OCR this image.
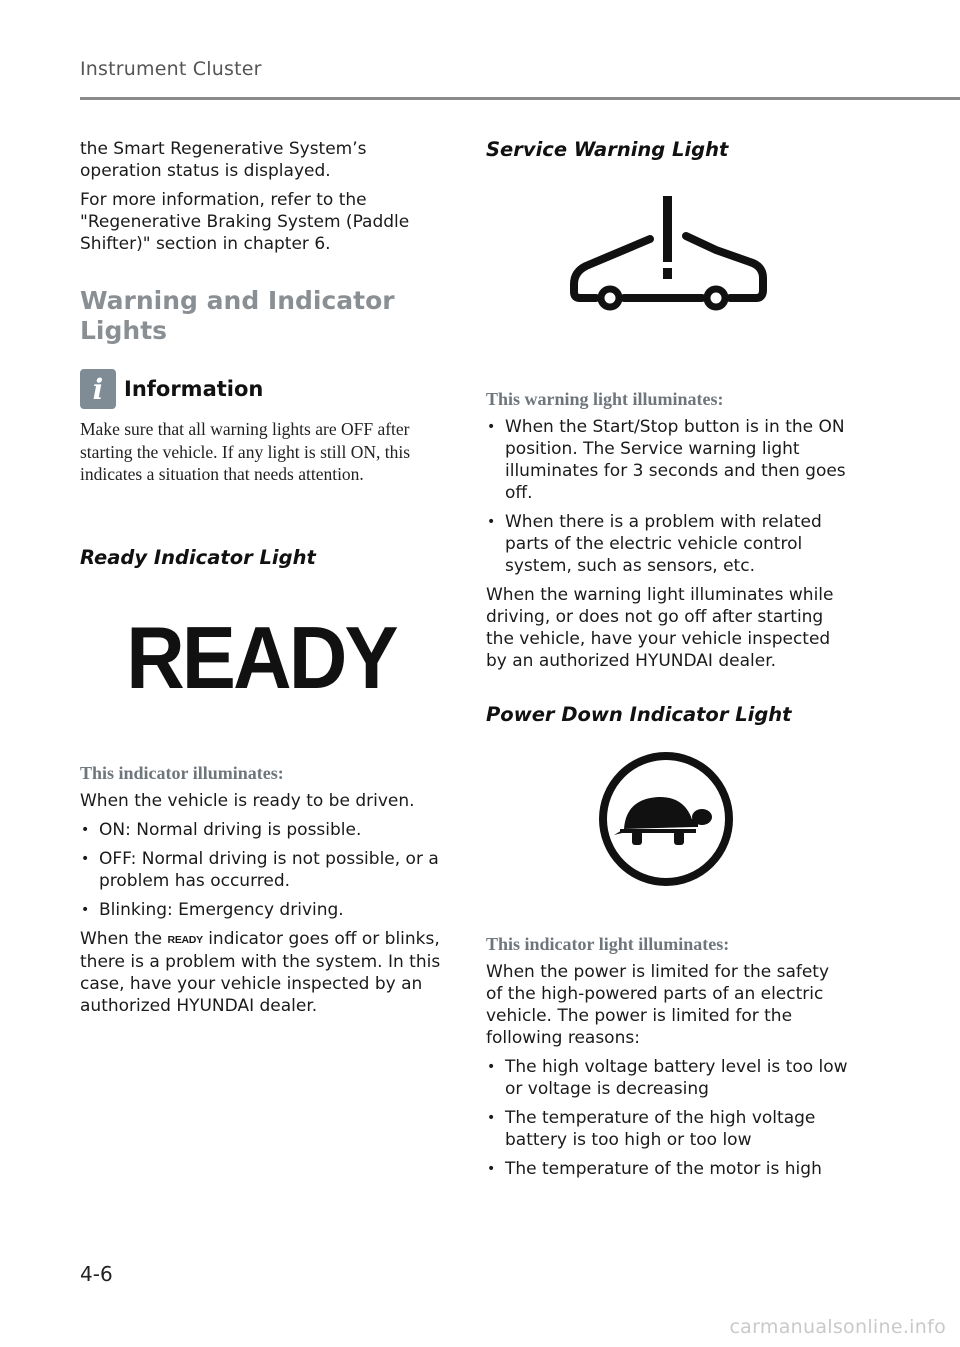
Instrument Cluster

the Smart Regenerative System’s operation status is displayed.

For more information, refer to the "Regenerative Braking System (Paddle Shifter)" section in chapter 6.

Warning and Indicator Lights
i Information

Make sure that all warning lights are OFF after starting the vehicle. If any light is still ON, this indicates a situation that needs attention.

Ready Indicator Light
READY

This indicator illuminates:

When the vehicle is ready to be driven.

• ON: Normal driving is possible.
• OFF: Normal driving is not possible, or a problem has occurred.
• Blinking: Emergency driving.

When the READY indicator goes off or blinks, there is a problem with the system. In this case, have your vehicle inspected by an authorized HYUNDAI dealer.

Service Warning Light

This warning light illuminates:

• When the Start/Stop button is in the ON position. The Service warning light illuminates for 3 seconds and then goes off.
• When there is a problem with related parts of the electric vehicle control system, such as sensors, etc.

When the warning light illuminates while driving, or does not go off after starting the vehicle, have your vehicle inspected by an authorized HYUNDAI dealer.

Power Down Indicator Light

This indicator light illuminates:

When the power is limited for the safety of the high-powered parts of an electric vehicle. The power is limited for the following reasons:

• The high voltage battery level is too low or voltage is decreasing
• The temperature of the high voltage battery is too high or too low
• The temperature of the motor is high
4-6
carmanualsonline.info
